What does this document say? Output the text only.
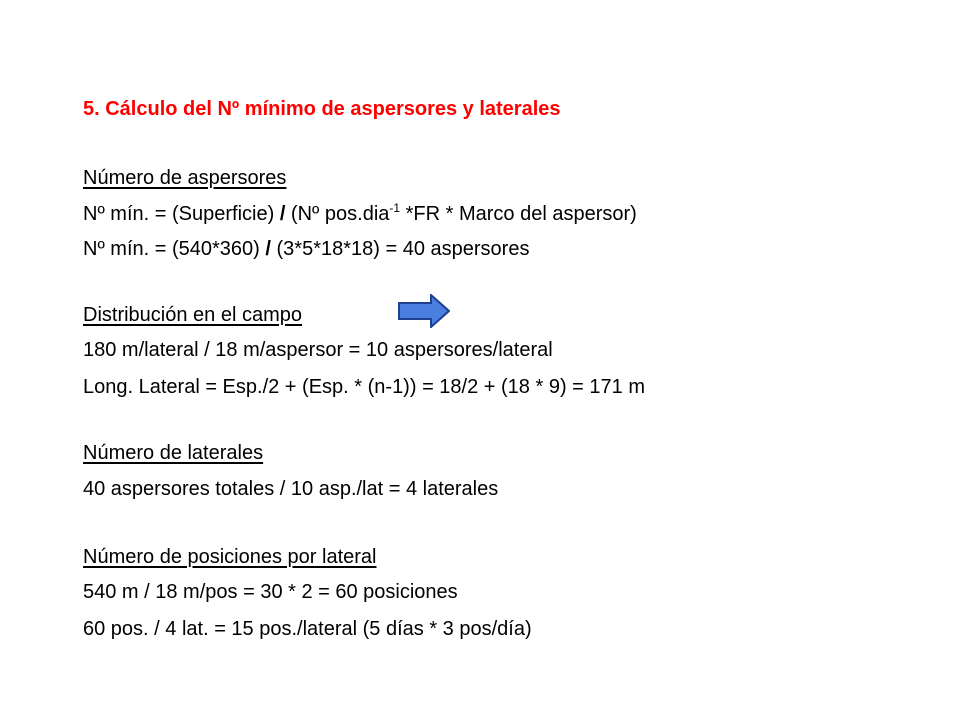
5. Cálculo del Nº mínimo de aspersores y laterales
Número de aspersores
Nº mín. = (Superficie) / (Nº pos.dia$^{-1}$ *FR * Marco del aspersor)
Nº mín. = (540*360) / (3*5*18*18) = 40 aspersores
Distribución en el campo
180 m/lateral / 18 m/aspersor = 10 aspersores/lateral
Long. Lateral = Esp./2 + (Esp. * (n-1)) = 18/2 + (18 * 9) = 171 m
Número de laterales
40 aspersores totales / 10 asp./lat = 4 laterales
Número de posiciones por lateral
540 m / 18 m/pos = 30 * 2 = 60 posiciones
60 pos. / 4 lat. = 15 pos./lateral (5 días * 3 pos/día)
